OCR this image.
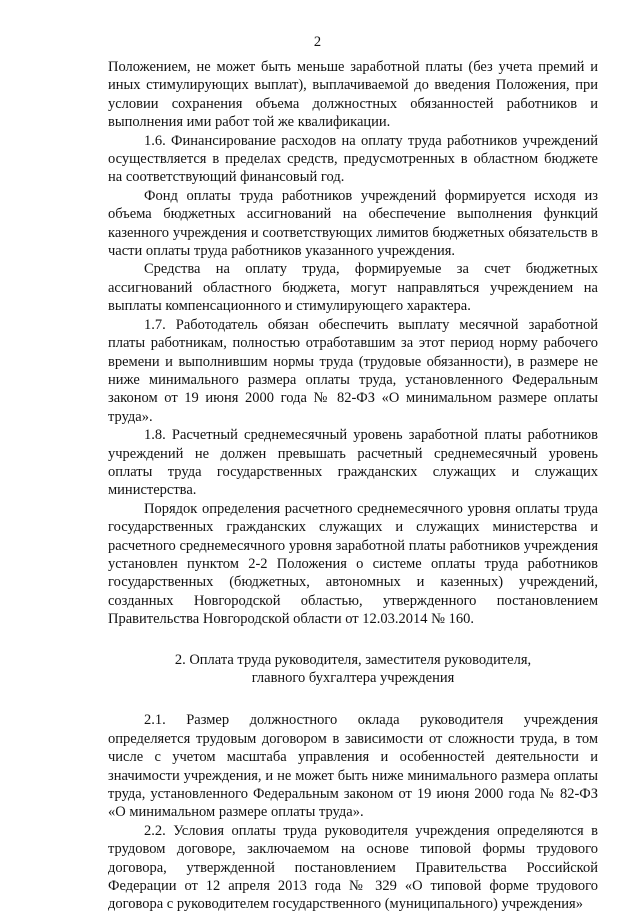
2

Положением, не может быть меньше заработной платы (без учета премий и иных стимулирующих выплат), выплачиваемой до введения Положения, при условии сохранения объема должностных обязанностей работников и выполнения ими работ той же квалификации.

1.6. Финансирование расходов на оплату труда работников учреждений осуществляется в пределах средств, предусмотренных в областном бюджете на соответствующий финансовый год.

Фонд оплаты труда работников учреждений формируется исходя из объема бюджетных ассигнований на обеспечение выполнения функций казенного учреждения и соответствующих лимитов бюджетных обязательств в части оплаты труда работников указанного учреждения.

Средства на оплату труда, формируемые за счет бюджетных ассигнований областного бюджета, могут направляться учреждением на выплаты компенсационного и стимулирующего характера.

1.7. Работодатель обязан обеспечить выплату месячной заработной платы работникам, полностью отработавшим за этот период норму рабочего времени и выполнившим нормы труда (трудовые обязанности), в размере не ниже минимального размера оплаты труда, установленного Федеральным законом от 19 июня 2000 года № 82-ФЗ «О минимальном размере оплаты труда».

1.8. Расчетный среднемесячный уровень заработной платы работников учреждений не должен превышать расчетный среднемесячный уровень оплаты труда государственных гражданских служащих и служащих министерства.

Порядок определения расчетного среднемесячного уровня оплаты труда государственных гражданских служащих и служащих министерства и расчетного среднемесячного уровня заработной платы работников учреждения установлен пунктом 2-2 Положения о системе оплаты труда работников государственных (бюджетных, автономных и казенных) учреждений, созданных Новгородской областью, утвержденного постановлением Правительства Новгородской области от 12.03.2014 № 160.

2. Оплата труда руководителя, заместителя руководителя,
главного бухгалтера учреждения

2.1. Размер должностного оклада руководителя учреждения определяется трудовым договором в зависимости от сложности труда, в том числе с учетом масштаба управления и особенностей деятельности и значимости учреждения, и не может быть ниже минимального размера оплаты труда, установленного Федеральным законом от 19 июня 2000 года № 82-ФЗ «О минимальном размере оплаты труда».

2.2. Условия оплаты труда руководителя учреждения определяются в трудовом договоре, заключаемом на основе типовой формы трудового договора, утвержденной постановлением Правительства Российской Федерации от 12 апреля 2013 года № 329 «О типовой форме трудового договора с руководителем государственного (муниципального) учреждения»
